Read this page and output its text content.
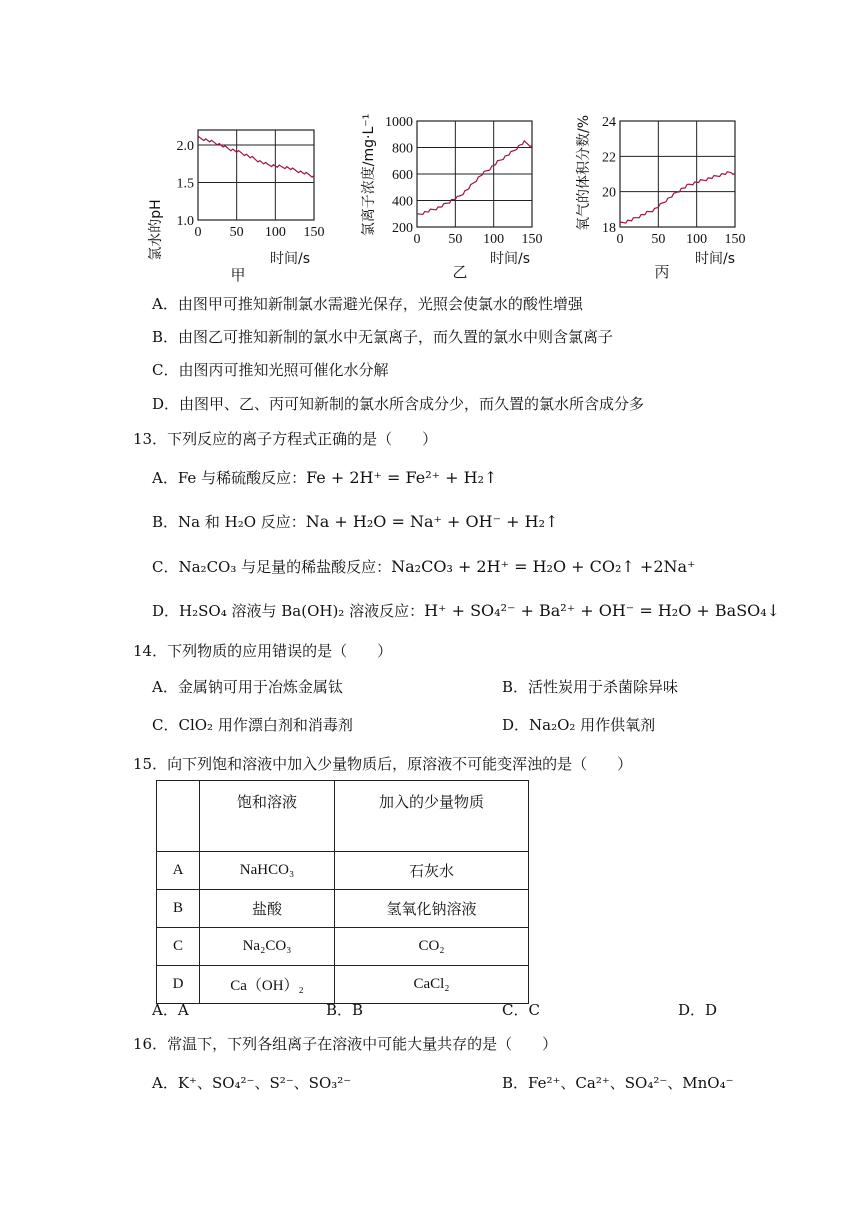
氯水的pH	时间/s
甲
0 50 100 150
1.0
1.5
2.0	氯离子浓度/mg·L⁻¹
时间/s
乙
0 50 100 150
200
400
600
800
1000	氧气的体积分数/%
时间/s
丙
0 50 100 150
18
20
22
24
A．由图甲可推知新制氯水需避光保存，光照会使氯水的酸性增强
B．由图乙可推知新制的氯水中无氯离子，而久置的氯水中则含氯离子
C．由图丙可推知光照可催化水分解
D．由图甲、乙、丙可知新制的氯水所含成分少，而久置的氯水所含成分多
13．下列反应的离子方程式正确的是（　　）
A．Fe 与稀硫酸反应：Fe + 2H⁺ = Fe²⁺ + H₂↑
B．Na 和 H₂O 反应：Na + H₂O = Na⁺ + OH⁻ + H₂↑
C．Na₂CO₃ 与足量的稀盐酸反应：Na₂CO₃ + 2H⁺ = H₂O + CO₂↑ +2Na⁺
D．H₂SO₄ 溶液与 Ba(OH)₂ 溶液反应：H⁺ + SO₄²⁻ + Ba²⁺ + OH⁻ = H₂O + BaSO₄↓
14．下列物质的应用错误的是（　　）
A．金属钠可用于冶炼金属钛	B．活性炭用于杀菌除异味
C．ClO₂ 用作漂白剂和消毒剂	D．Na₂O₂ 用作供氧剂
15．向下列饱和溶液中加入少量物质后，原溶液不可能变浑浊的是（　　）
	饱和溶液	加入的少量物质
A	NaHCO₃	石灰水
B	盐酸	氢氧化钠溶液
C	Na₂CO₃	CO₂
D	Ca（OH）₂	CaCl₂
A．A	B．B	C．C	D．D
16．常温下，下列各组离子在溶液中可能大量共存的是（　　）
A．K⁺、SO₄²⁻、S²⁻、SO₃²⁻	B．Fe²⁺、Ca²⁺、SO₄²⁻、MnO₄⁻
